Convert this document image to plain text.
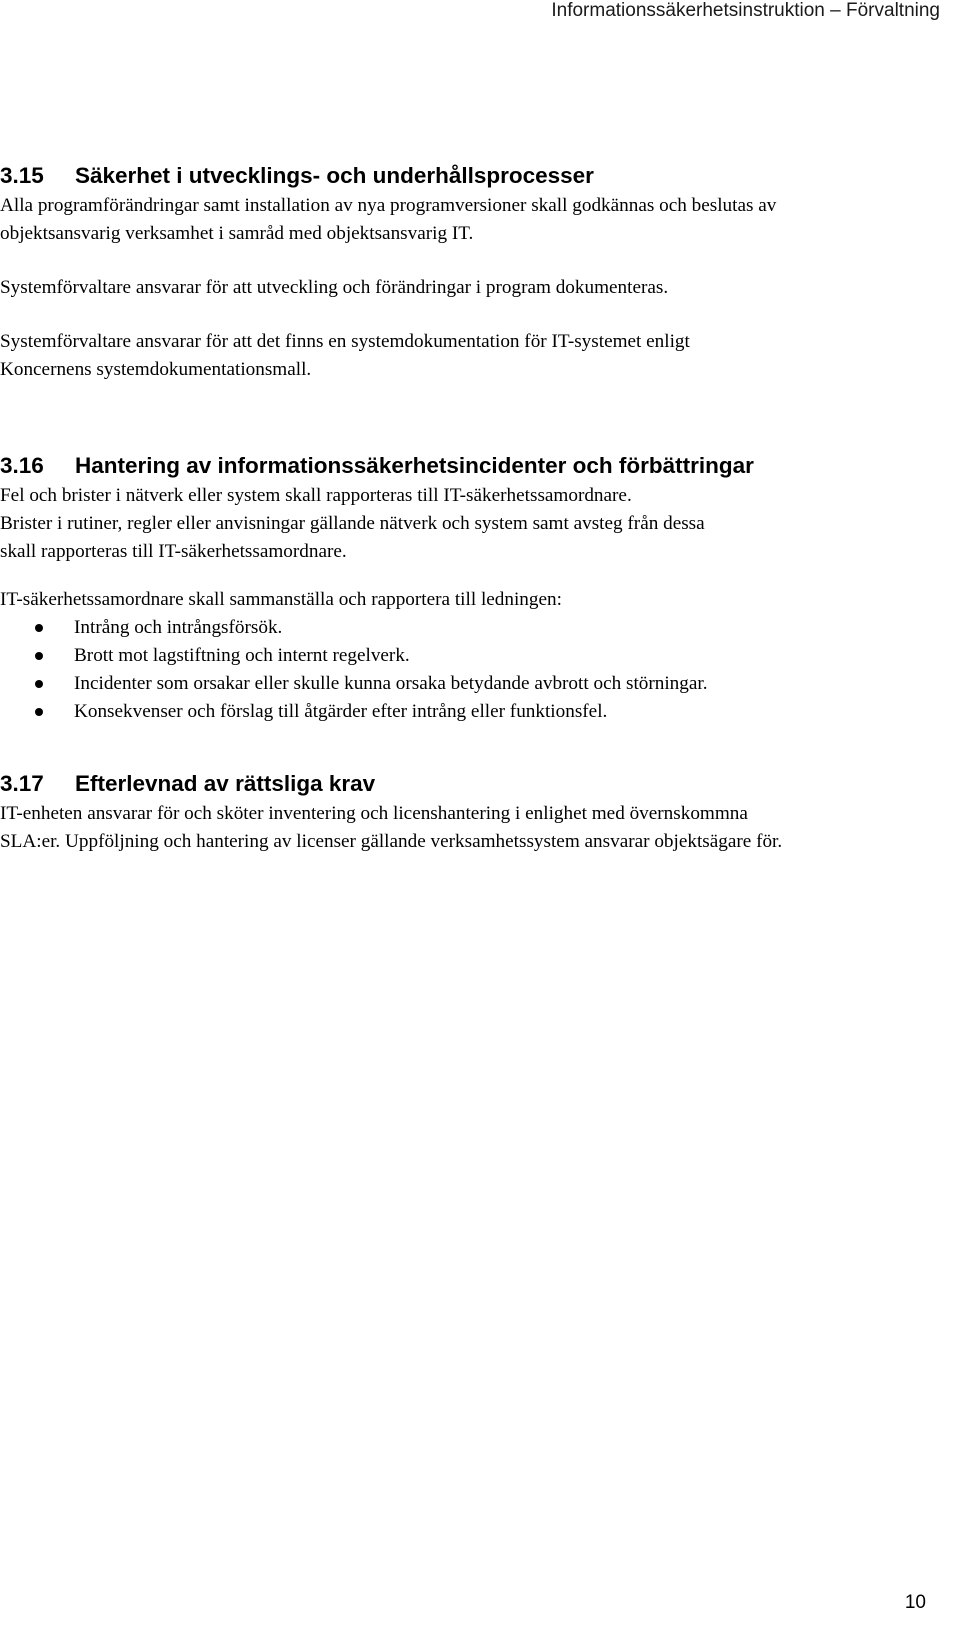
Informationssäkerhetsinstruktion – Förvaltning
3.15 Säkerhet i utvecklings- och underhållsprocesser

Alla programförändringar samt installation av nya programversioner skall godkännas och beslutas av
objektsansvarig verksamhet i samråd med objektsansvarig IT.

Systemförvaltare ansvarar för att utveckling och förändringar i program dokumenteras.

Systemförvaltare ansvarar för att det finns en systemdokumentation för IT-systemet enligt
Koncernens systemdokumentationsmall.

3.16 Hantering av informationssäkerhetsincidenter och förbättringar

Fel och brister i nätverk eller system skall rapporteras till IT-säkerhetssamordnare.

Brister i rutiner, regler eller anvisningar gällande nätverk och system samt avsteg från dessa
skall rapporteras till IT-säkerhetssamordnare.

IT-säkerhetssamordnare skall sammanställa och rapportera till ledningen:

Intrång och intrångsförsök.
Brott mot lagstiftning och internt regelverk.
Incidenter som orsakar eller skulle kunna orsaka betydande avbrott och störningar.
Konsekvenser och förslag till åtgärder efter intrång eller funktionsfel.
3.17 Efterlevnad av rättsliga krav

IT-enheten ansvarar för och sköter inventering och licenshantering i enlighet med övernskommna
SLA:er. Uppföljning och hantering av licenser gällande verksamhetssystem ansvarar objektsägare för.

10
